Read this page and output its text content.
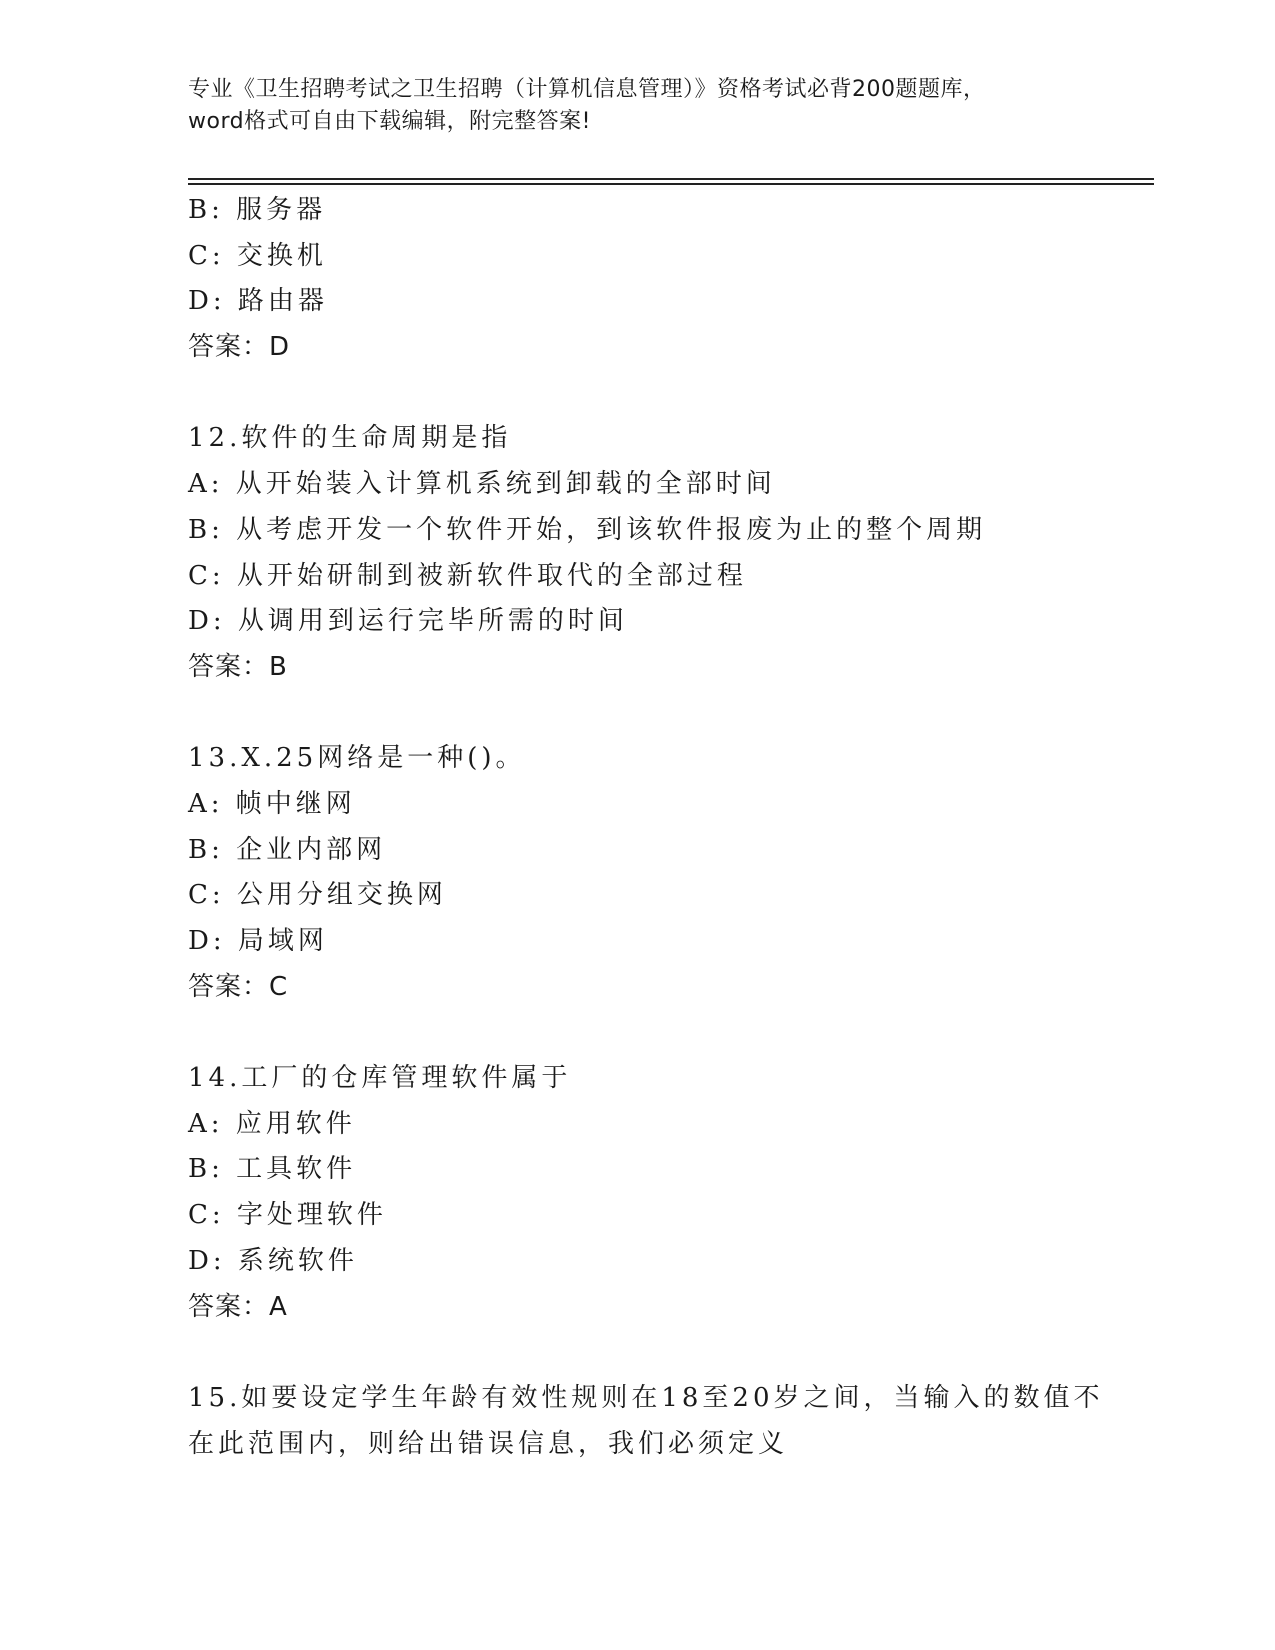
专业《卫生招聘考试之卫生招聘（计算机信息管理）》资格考试必背200题题库，
word格式可自由下载编辑，附完整答案!
B: 服务器
C: 交换机
D: 路由器
答案：D
12.软件的生命周期是指
A: 从开始装入计算机系统到卸载的全部时间
B: 从考虑开发一个软件开始，到该软件报废为止的整个周期
C: 从开始研制到被新软件取代的全部过程
D: 从调用到运行完毕所需的时间
答案：B
13.X.25网络是一种()。
A: 帧中继网
B: 企业内部网
C: 公用分组交换网
D: 局域网
答案：C
14.工厂的仓库管理软件属于
A: 应用软件
B: 工具软件
C: 字处理软件
D: 系统软件
答案：A
15.如要设定学生年龄有效性规则在18至20岁之间，当输入的数值不
在此范围内，则给出错误信息，我们必须定义
